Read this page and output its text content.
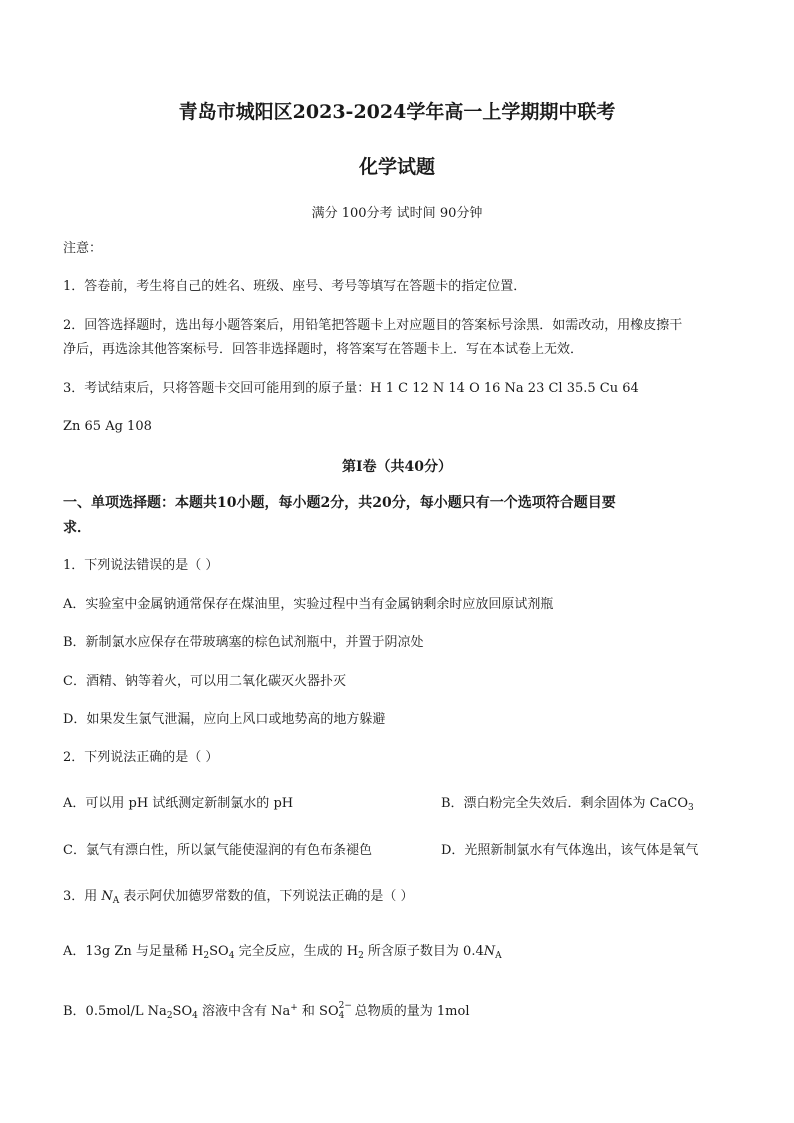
青岛市城阳区2023-2024学年高一上学期期中联考
化学试题
满分 100分考 试时间 90分钟
注意：
1．答卷前，考生将自己的姓名、班级、座号、考号等填写在答题卡的指定位置．
2．回答选择题时，选出每小题答案后，用铅笔把答题卡上对应题目的答案标号涂黑．如需改动，用橡皮擦干
净后，再选涂其他答案标号．回答非选择题时，将答案写在答题卡上．写在本试卷上无效．
3．考试结束后，只将答题卡交回可能用到的原子量：H 1 C 12 N 14 O 16 Na 23 Cl 35.5 Cu 64
Zn 65 Ag 108
第Ⅰ卷（共40分）
一、单项选择题：本题共10小题，每小题2分，共20分，每小题只有一个选项符合题目要
求．
1．下列说法错误的是（ ）
A．实验室中金属钠通常保存在煤油里，实验过程中当有金属钠剩余时应放回原试剂瓶
B．新制氯水应保存在带玻璃塞的棕色试剂瓶中，并置于阴凉处
C．酒精、钠等着火，可以用二氧化碳灭火器扑灭
D．如果发生氯气泄漏，应向上风口或地势高的地方躲避
2．下列说法正确的是（ ）
A．可以用 pH 试纸测定新制氯水的 pH	B．漂白粉完全失效后．剩余固体为 CaCO$_3$
C．氯气有漂白性，所以氯气能使湿润的有色布条褪色	D．光照新制氯水有气体逸出，该气体是氧气
3．用 $N_A$ 表示阿伏加德罗常数的值，下列说法正确的是（ ）
A．13g Zn 与足量稀 $H_2SO_4$ 完全反应，生成的 $H_2$ 所含原子数目为 $0.4N_A$
B．0.5mol/L $Na_2SO_4$ 溶液中含有 Na+ 和 SO 2−
4 总物质的量为 1mol
